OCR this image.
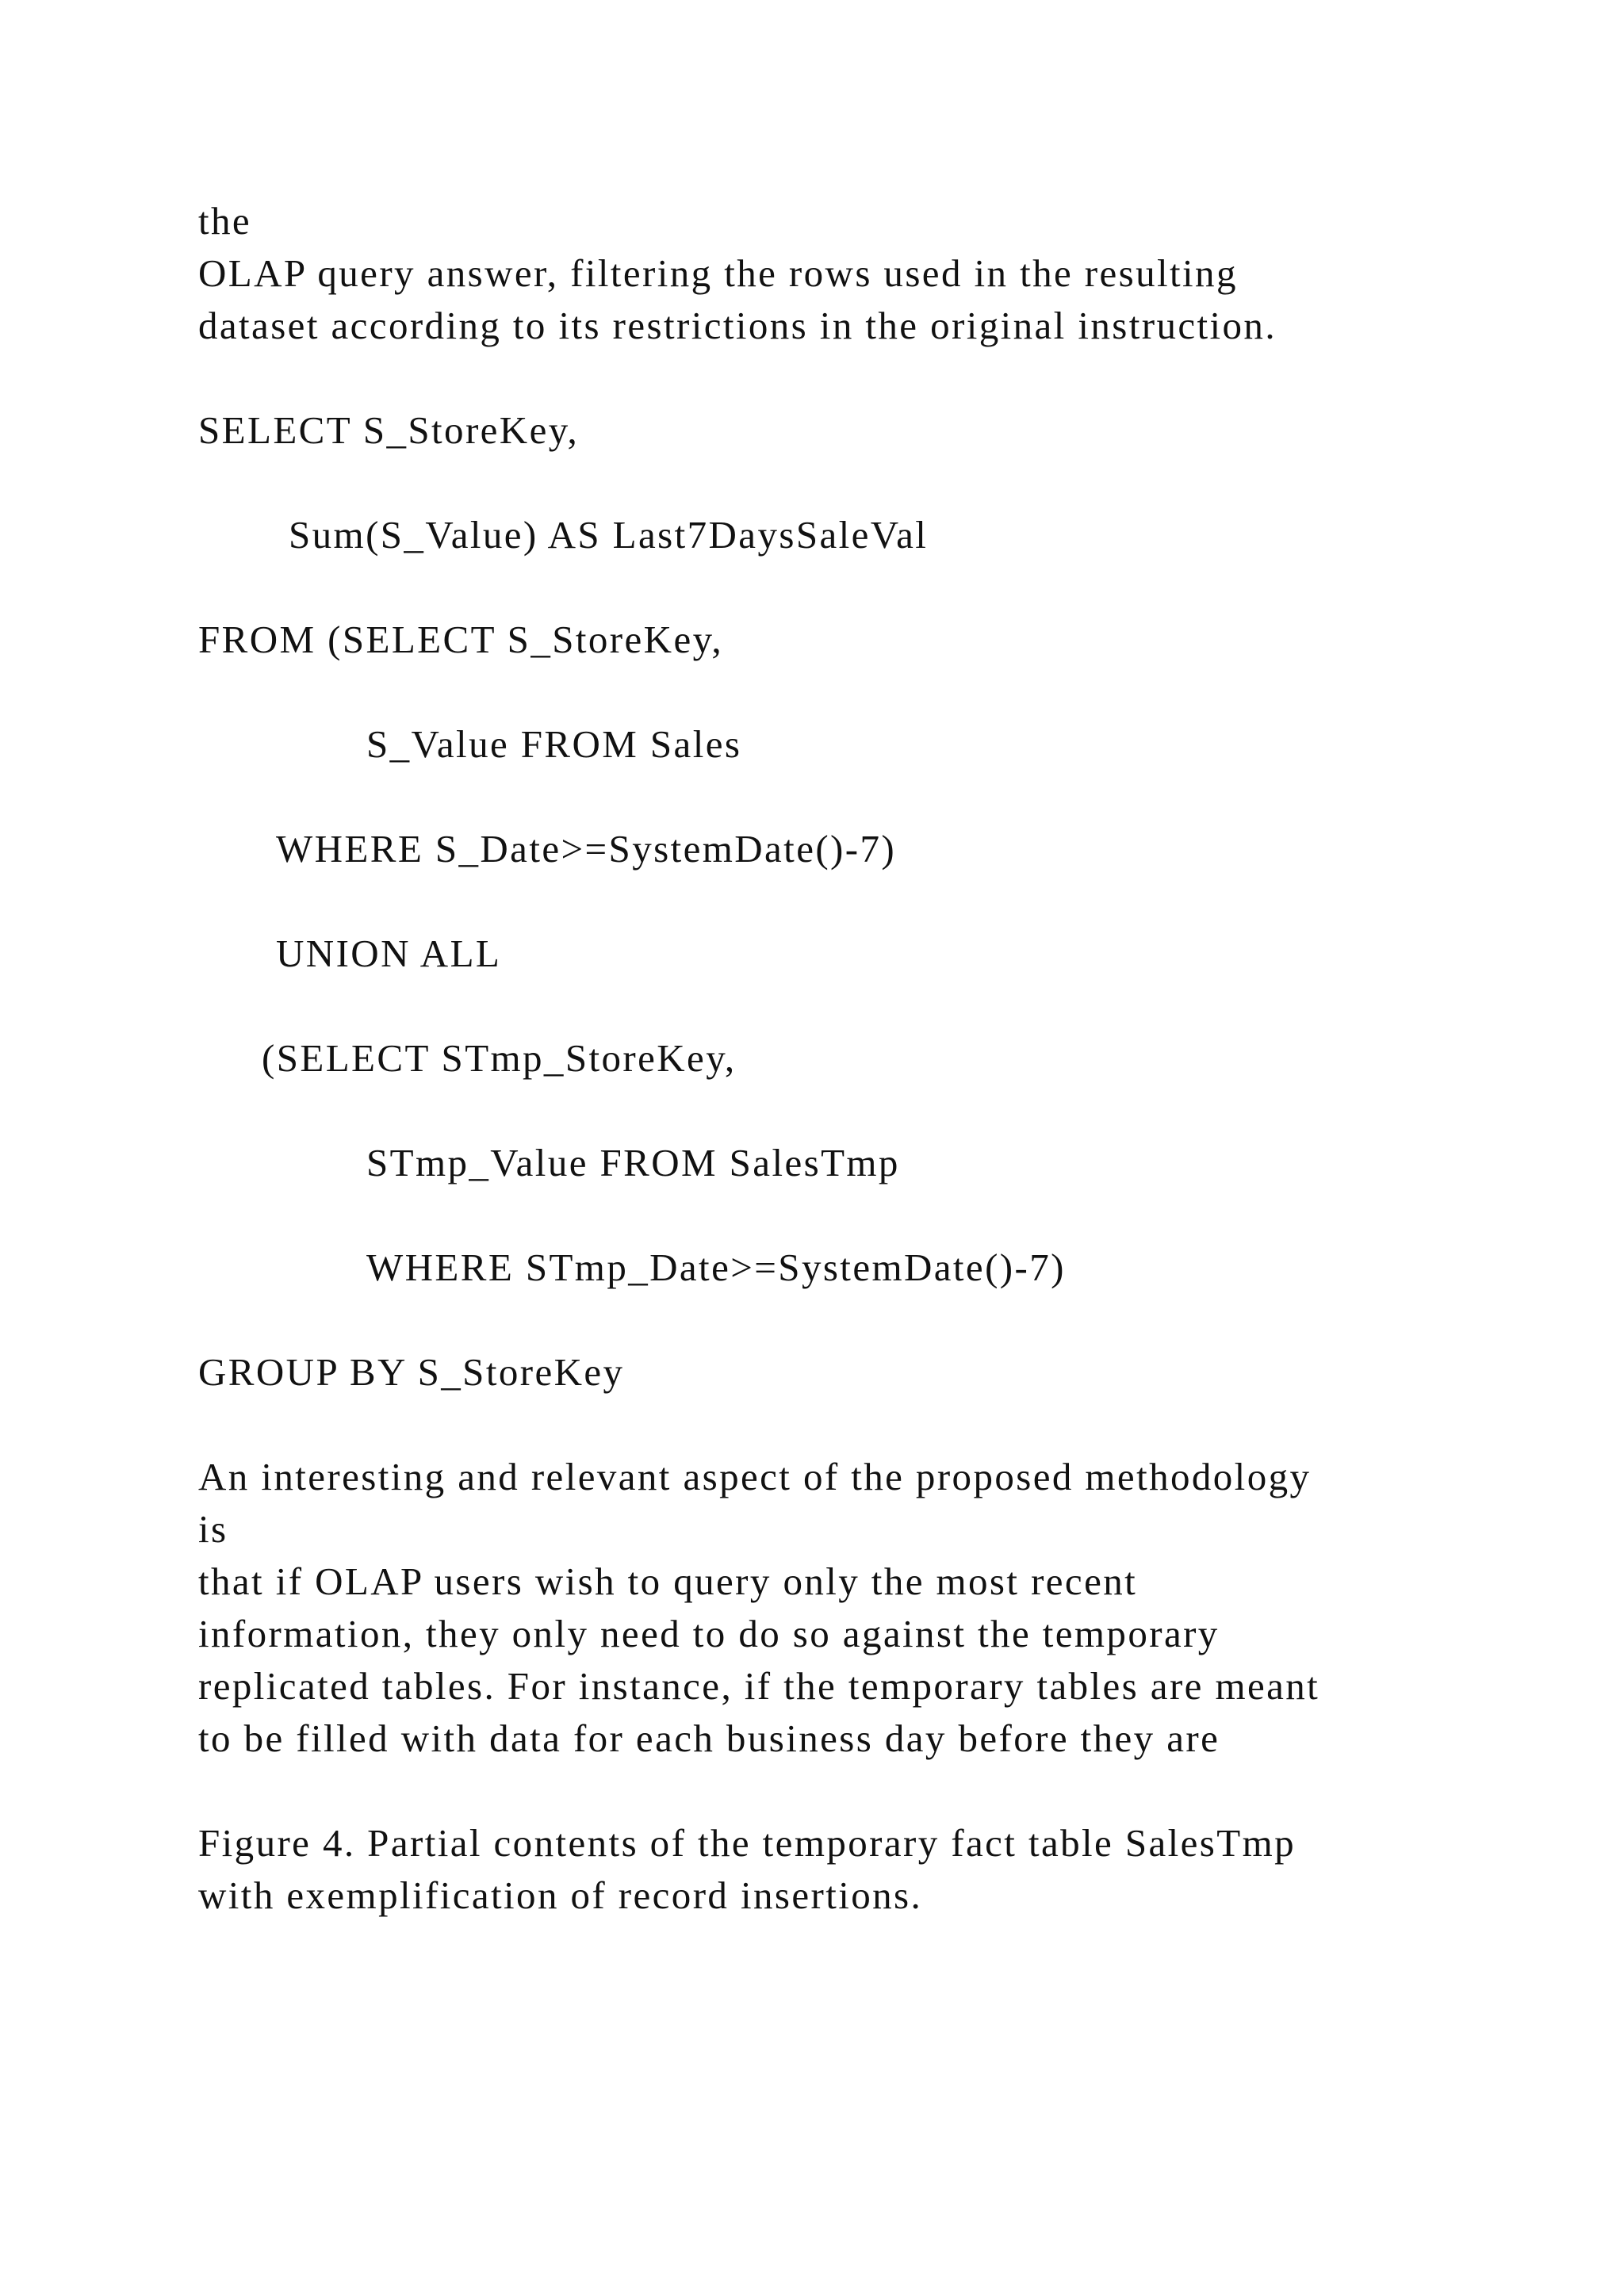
the

OLAP query answer, filtering the rows used in the resulting

dataset according to its restrictions in the original instruction.

SELECT S_StoreKey,

Sum(S_Value) AS Last7DaysSaleVal

FROM (SELECT S_StoreKey,

S_Value FROM Sales

WHERE S_Date>=SystemDate()-7)

UNION ALL

(SELECT STmp_StoreKey,

STmp_Value FROM SalesTmp

WHERE STmp_Date>=SystemDate()-7)

GROUP BY S_StoreKey

An interesting and relevant aspect of the proposed methodology

is

that if OLAP users wish to query only the most recent

information, they only need to do so against the temporary

replicated tables. For instance, if the temporary tables are meant

to be filled with data for each business day before they are

Figure 4. Partial contents of the temporary fact table SalesTmp

with exemplification of record insertions.
